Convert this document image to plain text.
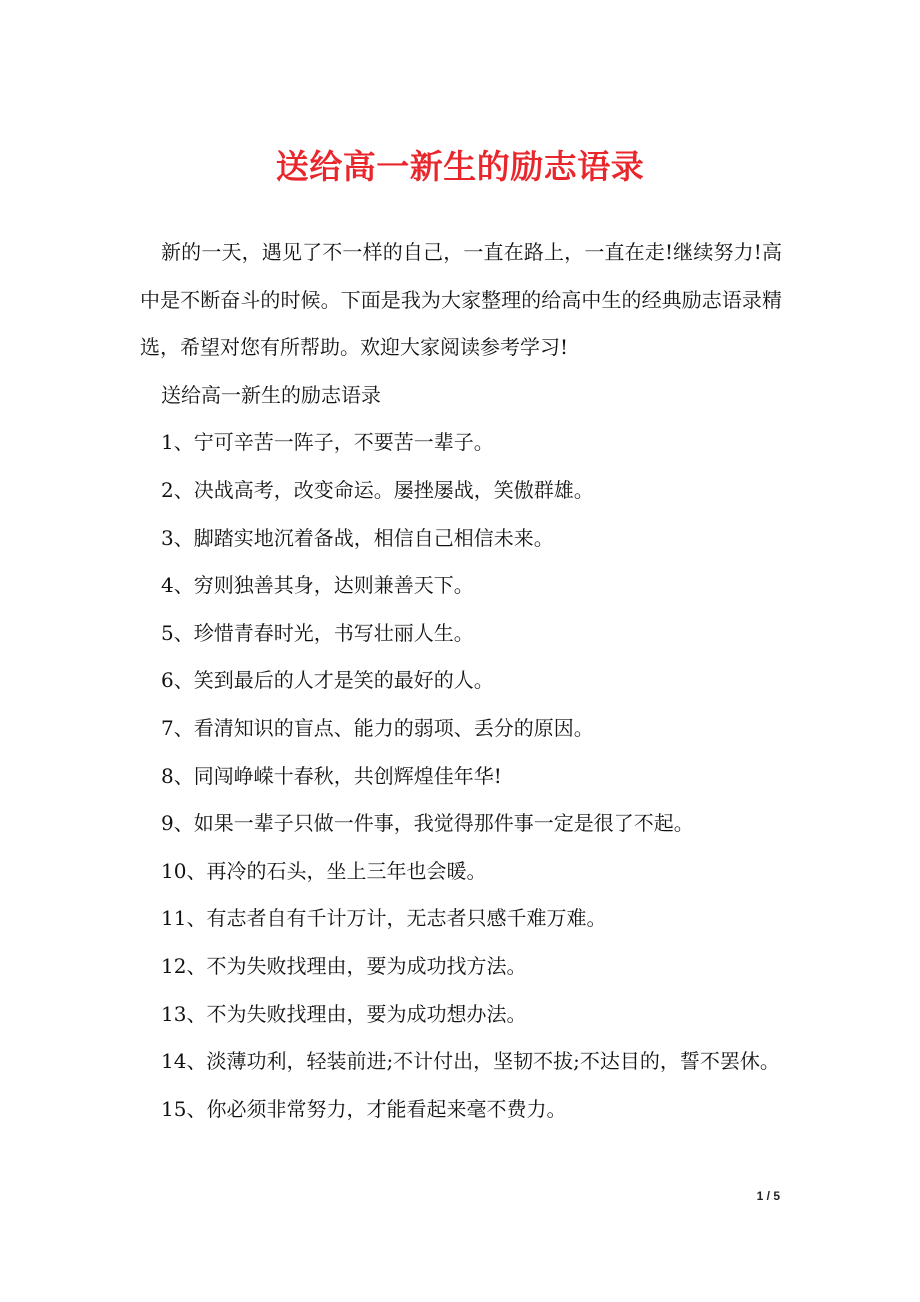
送给高一新生的励志语录

新的一天，遇见了不一样的自己，一直在路上，一直在走!继续努力!高中是不断奋斗的时候。下面是我为大家整理的给高中生的经典励志语录精选，希望对您有所帮助。欢迎大家阅读参考学习!

送给高一新生的励志语录

1、宁可辛苦一阵子，不要苦一辈子。

2、决战高考，改变命运。屡挫屡战，笑傲群雄。

3、脚踏实地沉着备战，相信自己相信未来。

4、穷则独善其身，达则兼善天下。

5、珍惜青春时光，书写壮丽人生。

6、笑到最后的人才是笑的最好的人。

7、看清知识的盲点、能力的弱项、丢分的原因。

8、同闯峥嵘十春秋，共创辉煌佳年华!

9、如果一辈子只做一件事，我觉得那件事一定是很了不起。

10、再冷的石头，坐上三年也会暖。

11、有志者自有千计万计，无志者只感千难万难。

12、不为失败找理由，要为成功找方法。

13、不为失败找理由，要为成功想办法。

14、淡薄功利，轻装前进;不计付出，坚韧不拔;不达目的，誓不罢休。

15、你必须非常努力，才能看起来毫不费力。

1 / 5
